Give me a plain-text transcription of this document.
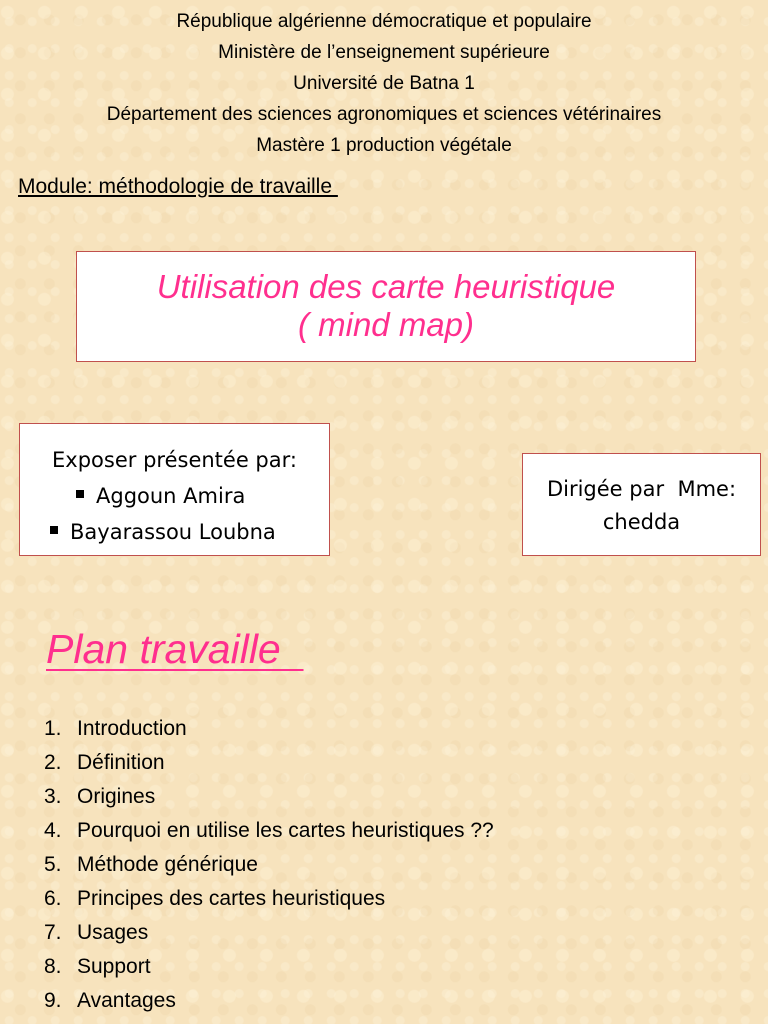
République algérienne démocratique et populaire
Ministère de l’enseignement supérieure
Université de Batna 1
Département des sciences agronomiques et sciences vétérinaires
Mastère 1 production végétale
Module: méthodologie de travaille
Utilisation des carte heuristique
( mind map)
Exposer présentée par:
Aggoun Amira
Bayarassou Loubna
Dirigée par  Mme:
chedda
Plan travaille
1. Introduction
2. Définition
3. Origines
4. Pourquoi en utilise les cartes heuristiques ??
5. Méthode générique
6. Principes des cartes heuristiques
7. Usages
8. Support
9. Avantages
